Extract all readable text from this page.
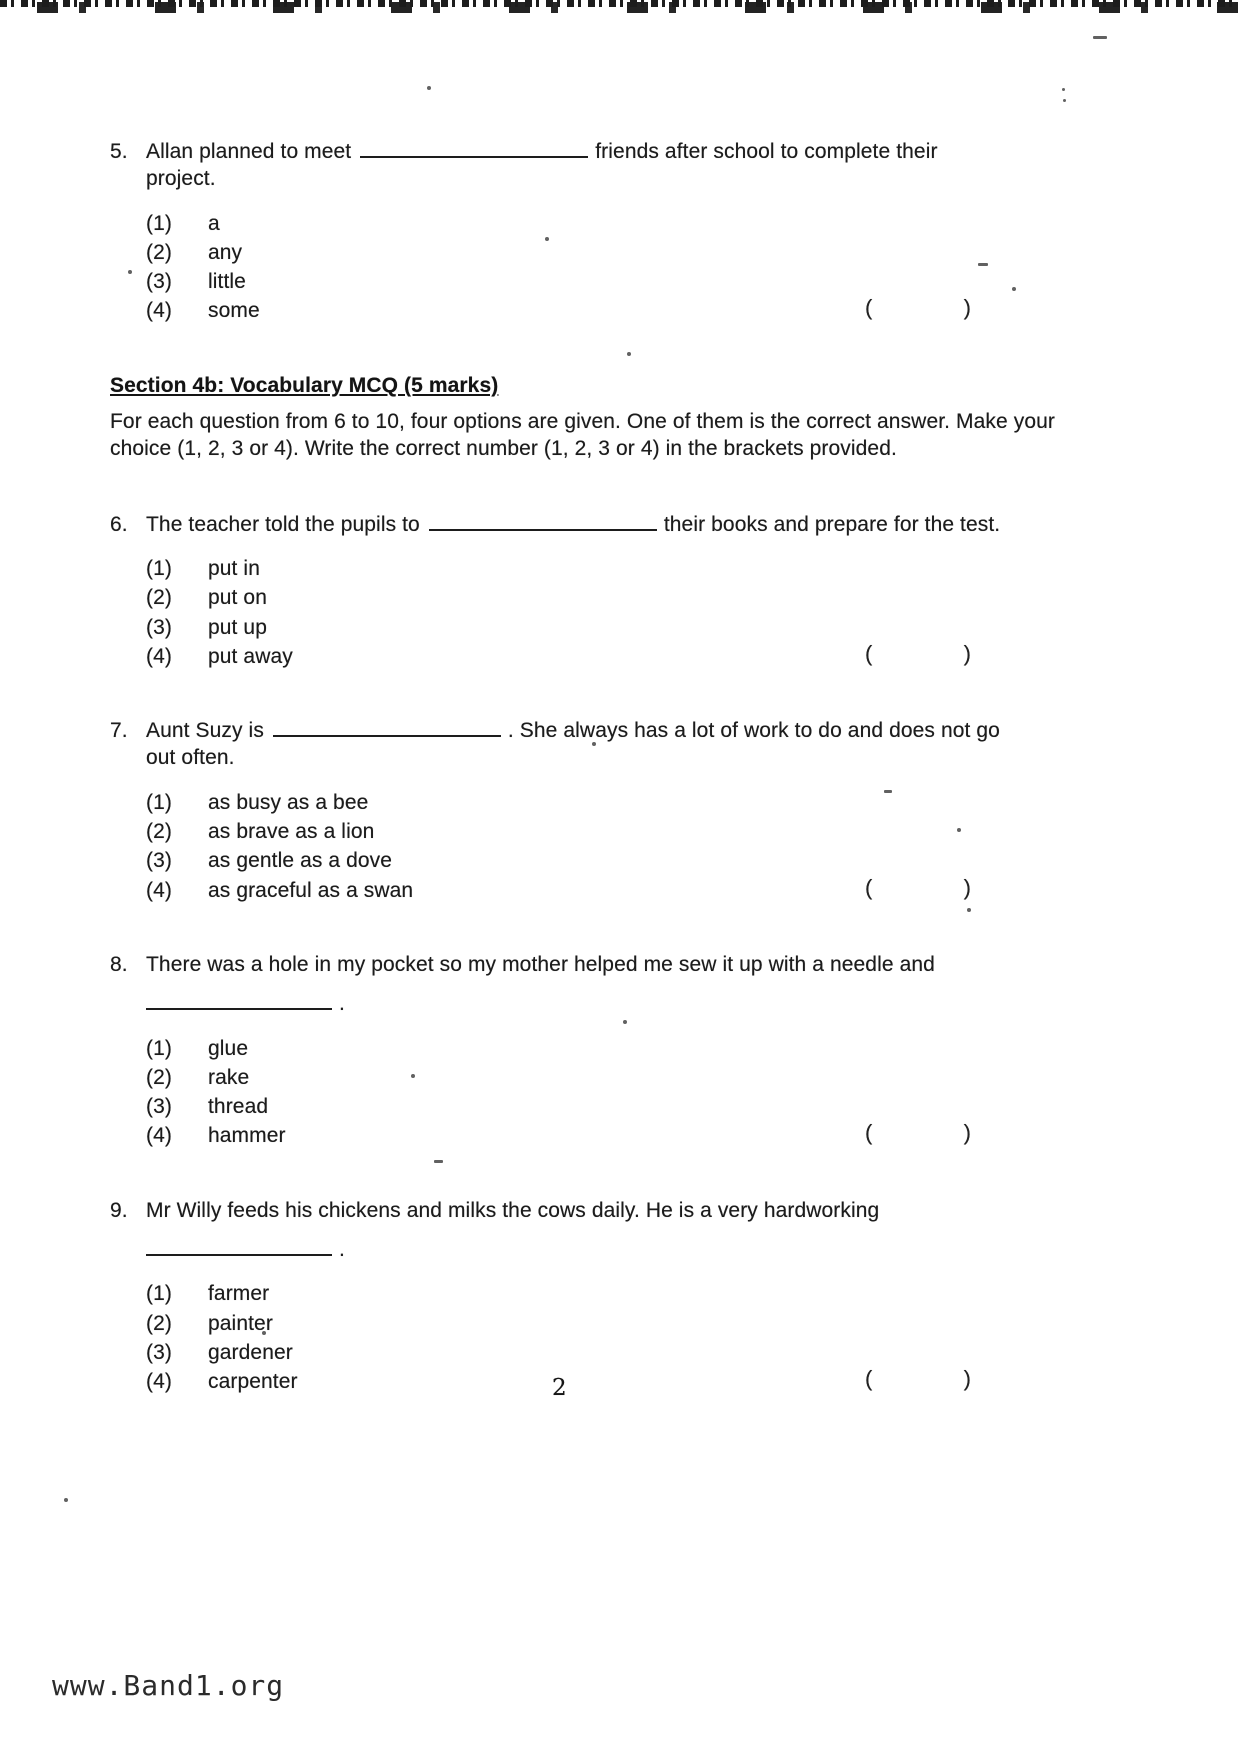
5. Allan planned to meet	friends after school to complete their
project.
(1)	a
(2)	any
(3)	little
(4)	some	(	)
Section 4b: Vocabulary MCQ (5 marks)
For each question from 6 to 10, four options are given. One of them is the correct answer. Make your choice (1, 2, 3 or 4). Write the correct number (1, 2, 3 or 4) in the brackets provided.
6. The teacher told the pupils to	their books and prepare for the test.
(1)	put in
(2)	put on
(3)	put up
(4)	put away	(	)
7. Aunt Suzy is	. She always has a lot of work to do and does not go
out often.
(1)	as busy as a bee
(2)	as brave as a lion
(3)	as gentle as a dove
(4)	as graceful as a swan	(	)
8. There was a hole in my pocket so my mother helped me sew it up with a needle and
.
(1)	glue
(2)	rake
(3)	thread
(4)	hammer	(	)
9. Mr Willy feeds his chickens and milks the cows daily. He is a very hardworking
.
(1)	farmer
(2)	painter
(3)	gardener
(4)	carpenter	(	)
2
www.Band1.org
